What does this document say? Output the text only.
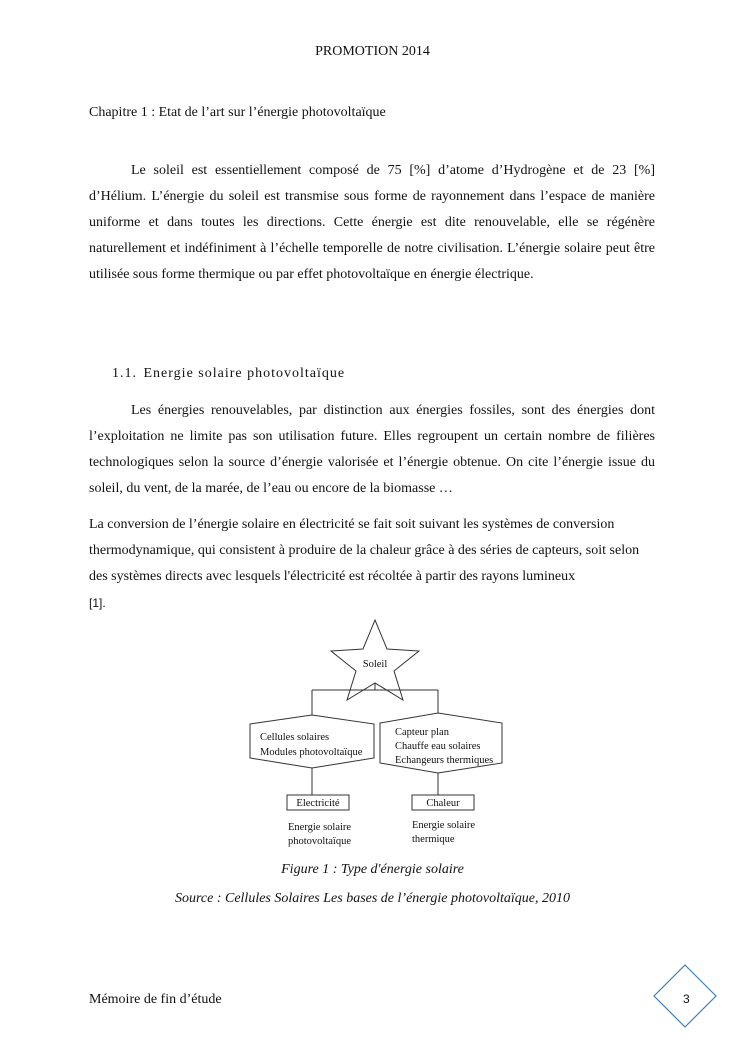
PROMOTION 2014
Chapitre 1 : Etat de l’art sur l’énergie photovoltaïque

Le soleil est essentiellement composé de 75 [%] d’atome d’Hydrogène et de 23 [%] d’Hélium. L’énergie du soleil est transmise sous forme de rayonnement dans l’espace de manière uniforme et dans toutes les directions. Cette énergie est dite renouvelable, elle se régénère naturellement et indéfiniment à l’échelle temporelle de notre civilisation. L’énergie solaire peut être utilisée sous forme thermique ou par effet photovoltaïque en énergie électrique.

1.1. Energie solaire photovoltaïque

Les énergies renouvelables, par distinction aux énergies fossiles, sont des énergies dont l’exploitation ne limite pas son utilisation future. Elles regroupent un certain nombre de filières technologiques selon la source d’énergie valorisée et l’énergie obtenue. On cite l’énergie issue du soleil, du vent, de la marée, de l’eau ou encore de la biomasse …

La conversion de l’énergie solaire en électricité se fait soit suivant les systèmes de conversion thermodynamique, qui consistent à produire de la chaleur grâce à des séries de capteurs, soit selon des systèmes directs avec lesquels l'électricité est récoltée à partir des rayons lumineux
[1].
Soleil
Cellules solaires
Modules photovoltaïque
Capteur plan
Chauffe eau solaires
Echangeurs thermiques
Electricité	Chaleur
Energie solaire
photovoltaïque
Energie solaire
thermique
Figure 1 : Type d'énergie solaire
Source : Cellules Solaires Les bases de l’énergie photovoltaïque, 2010
Mémoire de fin d’étude	3
